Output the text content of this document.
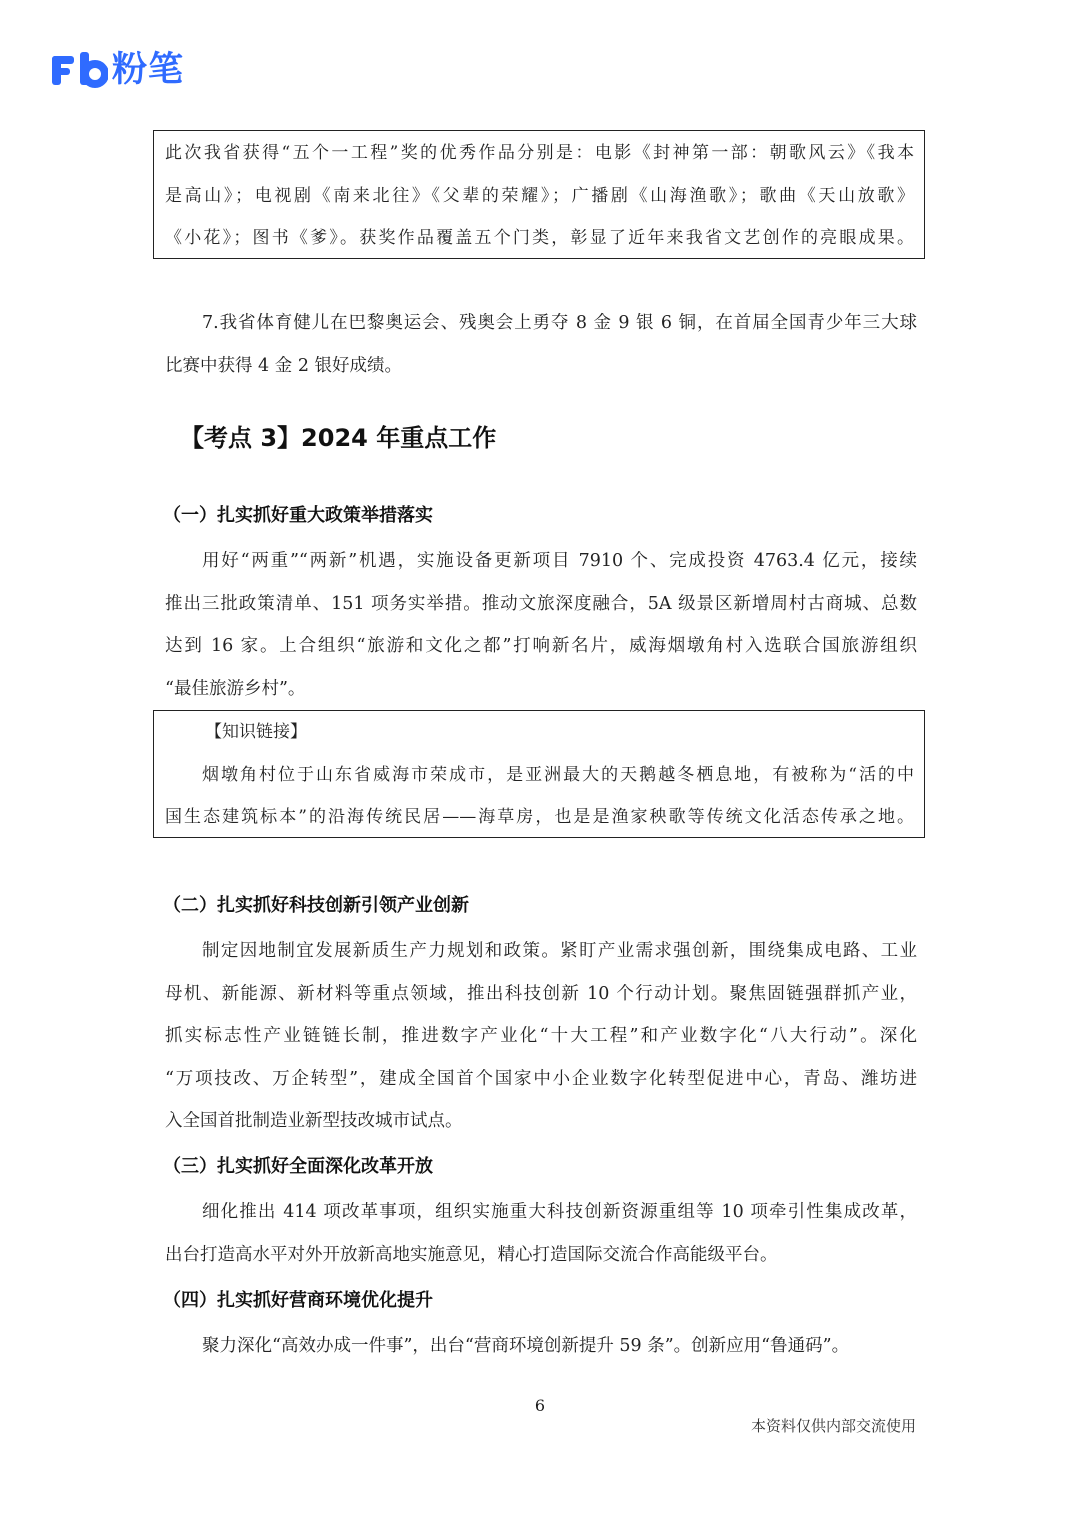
粉笔

此次我省获得“五个一工程”奖的优秀作品分别是：电影《封神第一部：朝歌风云》《我本

是高山》；电视剧《南来北往》《父辈的荣耀》；广播剧《山海渔歌》；歌曲《天山放歌》

《小花》；图书《爹》。获奖作品覆盖五个门类，彰显了近年来我省文艺创作的亮眼成果。

7.我省体育健儿在巴黎奥运会、残奥会上勇夺 8 金 9 银 6 铜，在首届全国青少年三大球

比赛中获得 4 金 2 银好成绩。

【考点 3】2024 年重点工作
（一）扎实抓好重大政策举措落实

用好“两重”“两新”机遇，实施设备更新项目 7910 个、完成投资 4763.4 亿元，接续

推出三批政策清单、151 项务实举措。推动文旅深度融合，5A 级景区新增周村古商城、总数

达到 16 家。上合组织“旅游和文化之都”打响新名片，威海烟墩角村入选联合国旅游组织

“最佳旅游乡村”。

【知识链接】

烟墩角村位于山东省威海市荣成市，是亚洲最大的天鹅越冬栖息地，有被称为“活的中

国生态建筑标本”的沿海传统民居——海草房，也是是渔家秧歌等传统文化活态传承之地。

（二）扎实抓好科技创新引领产业创新

制定因地制宜发展新质生产力规划和政策。紧盯产业需求强创新，围绕集成电路、工业

母机、新能源、新材料等重点领域，推出科技创新 10 个行动计划。聚焦固链强群抓产业，

抓实标志性产业链链长制，推进数字产业化“十大工程”和产业数字化“八大行动”。深化

“万项技改、万企转型”，建成全国首个国家中小企业数字化转型促进中心，青岛、潍坊进

入全国首批制造业新型技改城市试点。

（三）扎实抓好全面深化改革开放

细化推出 414 项改革事项，组织实施重大科技创新资源重组等 10 项牵引性集成改革，

出台打造高水平对外开放新高地实施意见，精心打造国际交流合作高能级平台。

（四）扎实抓好营商环境优化提升

聚力深化“高效办成一件事”，出台“营商环境创新提升 59 条”。创新应用“鲁通码”。

6
本资料仅供内部交流使用
